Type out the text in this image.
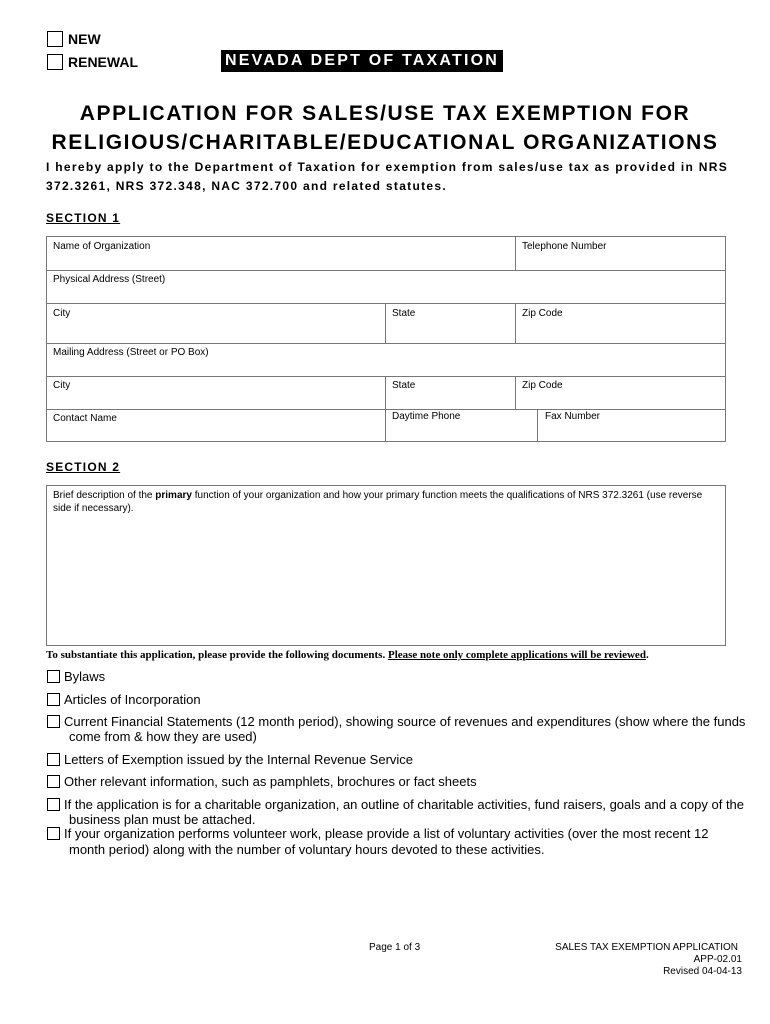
NEW
RENEWAL	NEVADA DEPT OF TAXATION
APPLICATION FOR SALES/USE TAX EXEMPTION FOR
RELIGIOUS/CHARITABLE/EDUCATIONAL ORGANIZATIONS
I hereby apply to the Department of Taxation for exemption from sales/use tax as provided in NRS
372.3261, NRS 372.348, NAC 372.700 and related statutes.
SECTION 1
Name of Organization	Telephone Number
Physical Address (Street)
City	State	Zip Code
Mailing Address (Street or PO Box)
City	State	Zip Code
Contact Name	Daytime Phone	Fax Number
SECTION 2
Brief description of the primary function of your organization and how your primary function meets the qualifications of NRS 372.3261 (use reverse side if necessary).
To substantiate this application, please provide the following documents. Please note only complete applications will be reviewed.
Bylaws
Articles of Incorporation
Current Financial Statements (12 month period), showing source of revenues and expenditures (show where the funds
come from & how they are used)
Letters of Exemption issued by the Internal Revenue Service
Other relevant information, such as pamphlets, brochures or fact sheets
If the application is for a charitable organization, an outline of charitable activities, fund raisers, goals and a copy of the
business plan must be attached.
If your organization performs volunteer work, please provide a list of voluntary activities (over the most recent 12
month period) along with the number of voluntary hours devoted to these activities.
Page 1 of 3	SALES TAX EXEMPTION APPLICATION
APP-02.01
Revised 04-04-13
